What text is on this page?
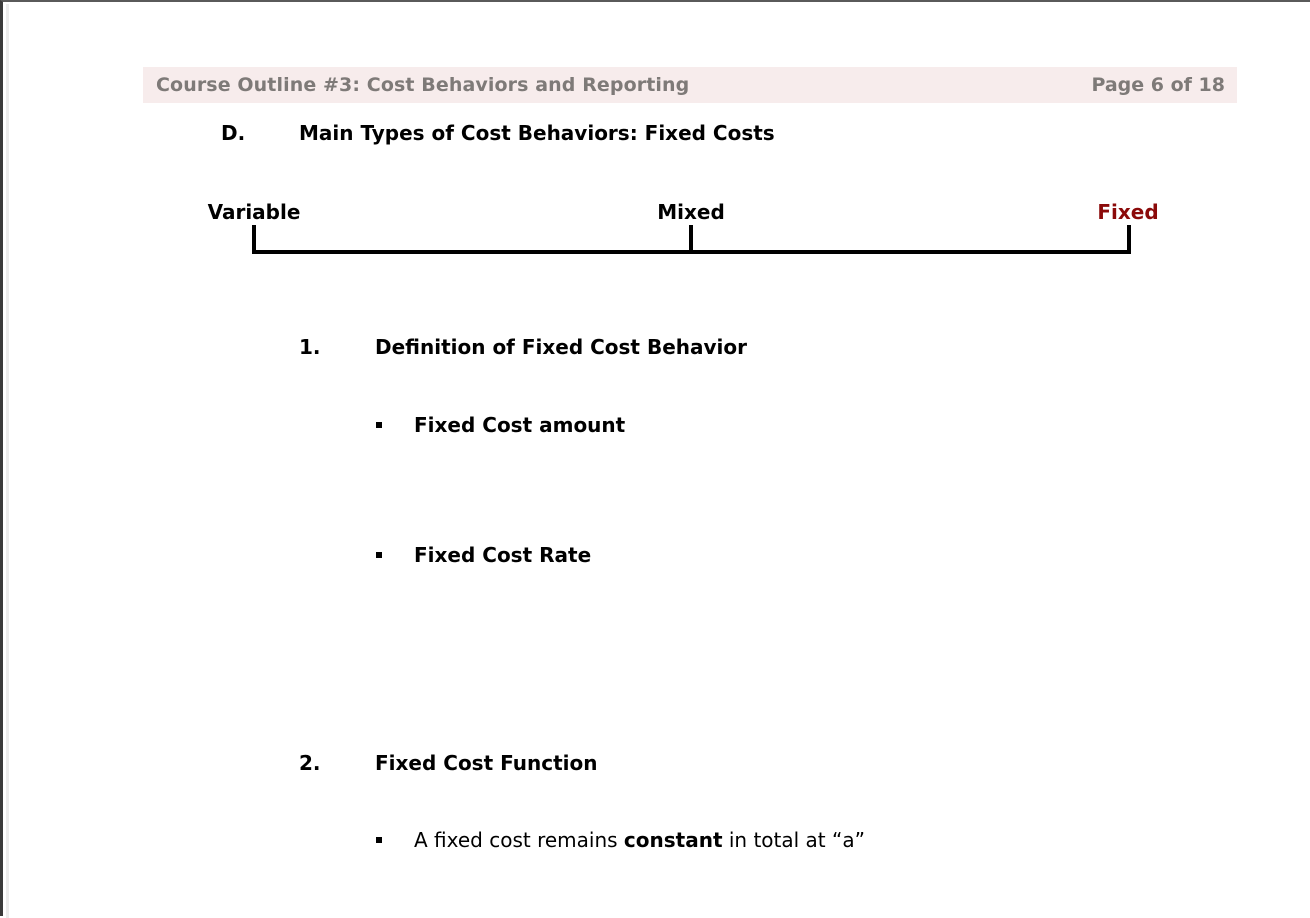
Course Outline #3: Cost Behaviors and Reporting	Page 6 of 18
D.	Main Types of Cost Behaviors: Fixed Costs
Variable	Mixed	Fixed
1.	Definition of Fixed Cost Behavior
Fixed Cost amount
Fixed Cost Rate
2.	Fixed Cost Function
A fixed cost remains constant in total at “a”
